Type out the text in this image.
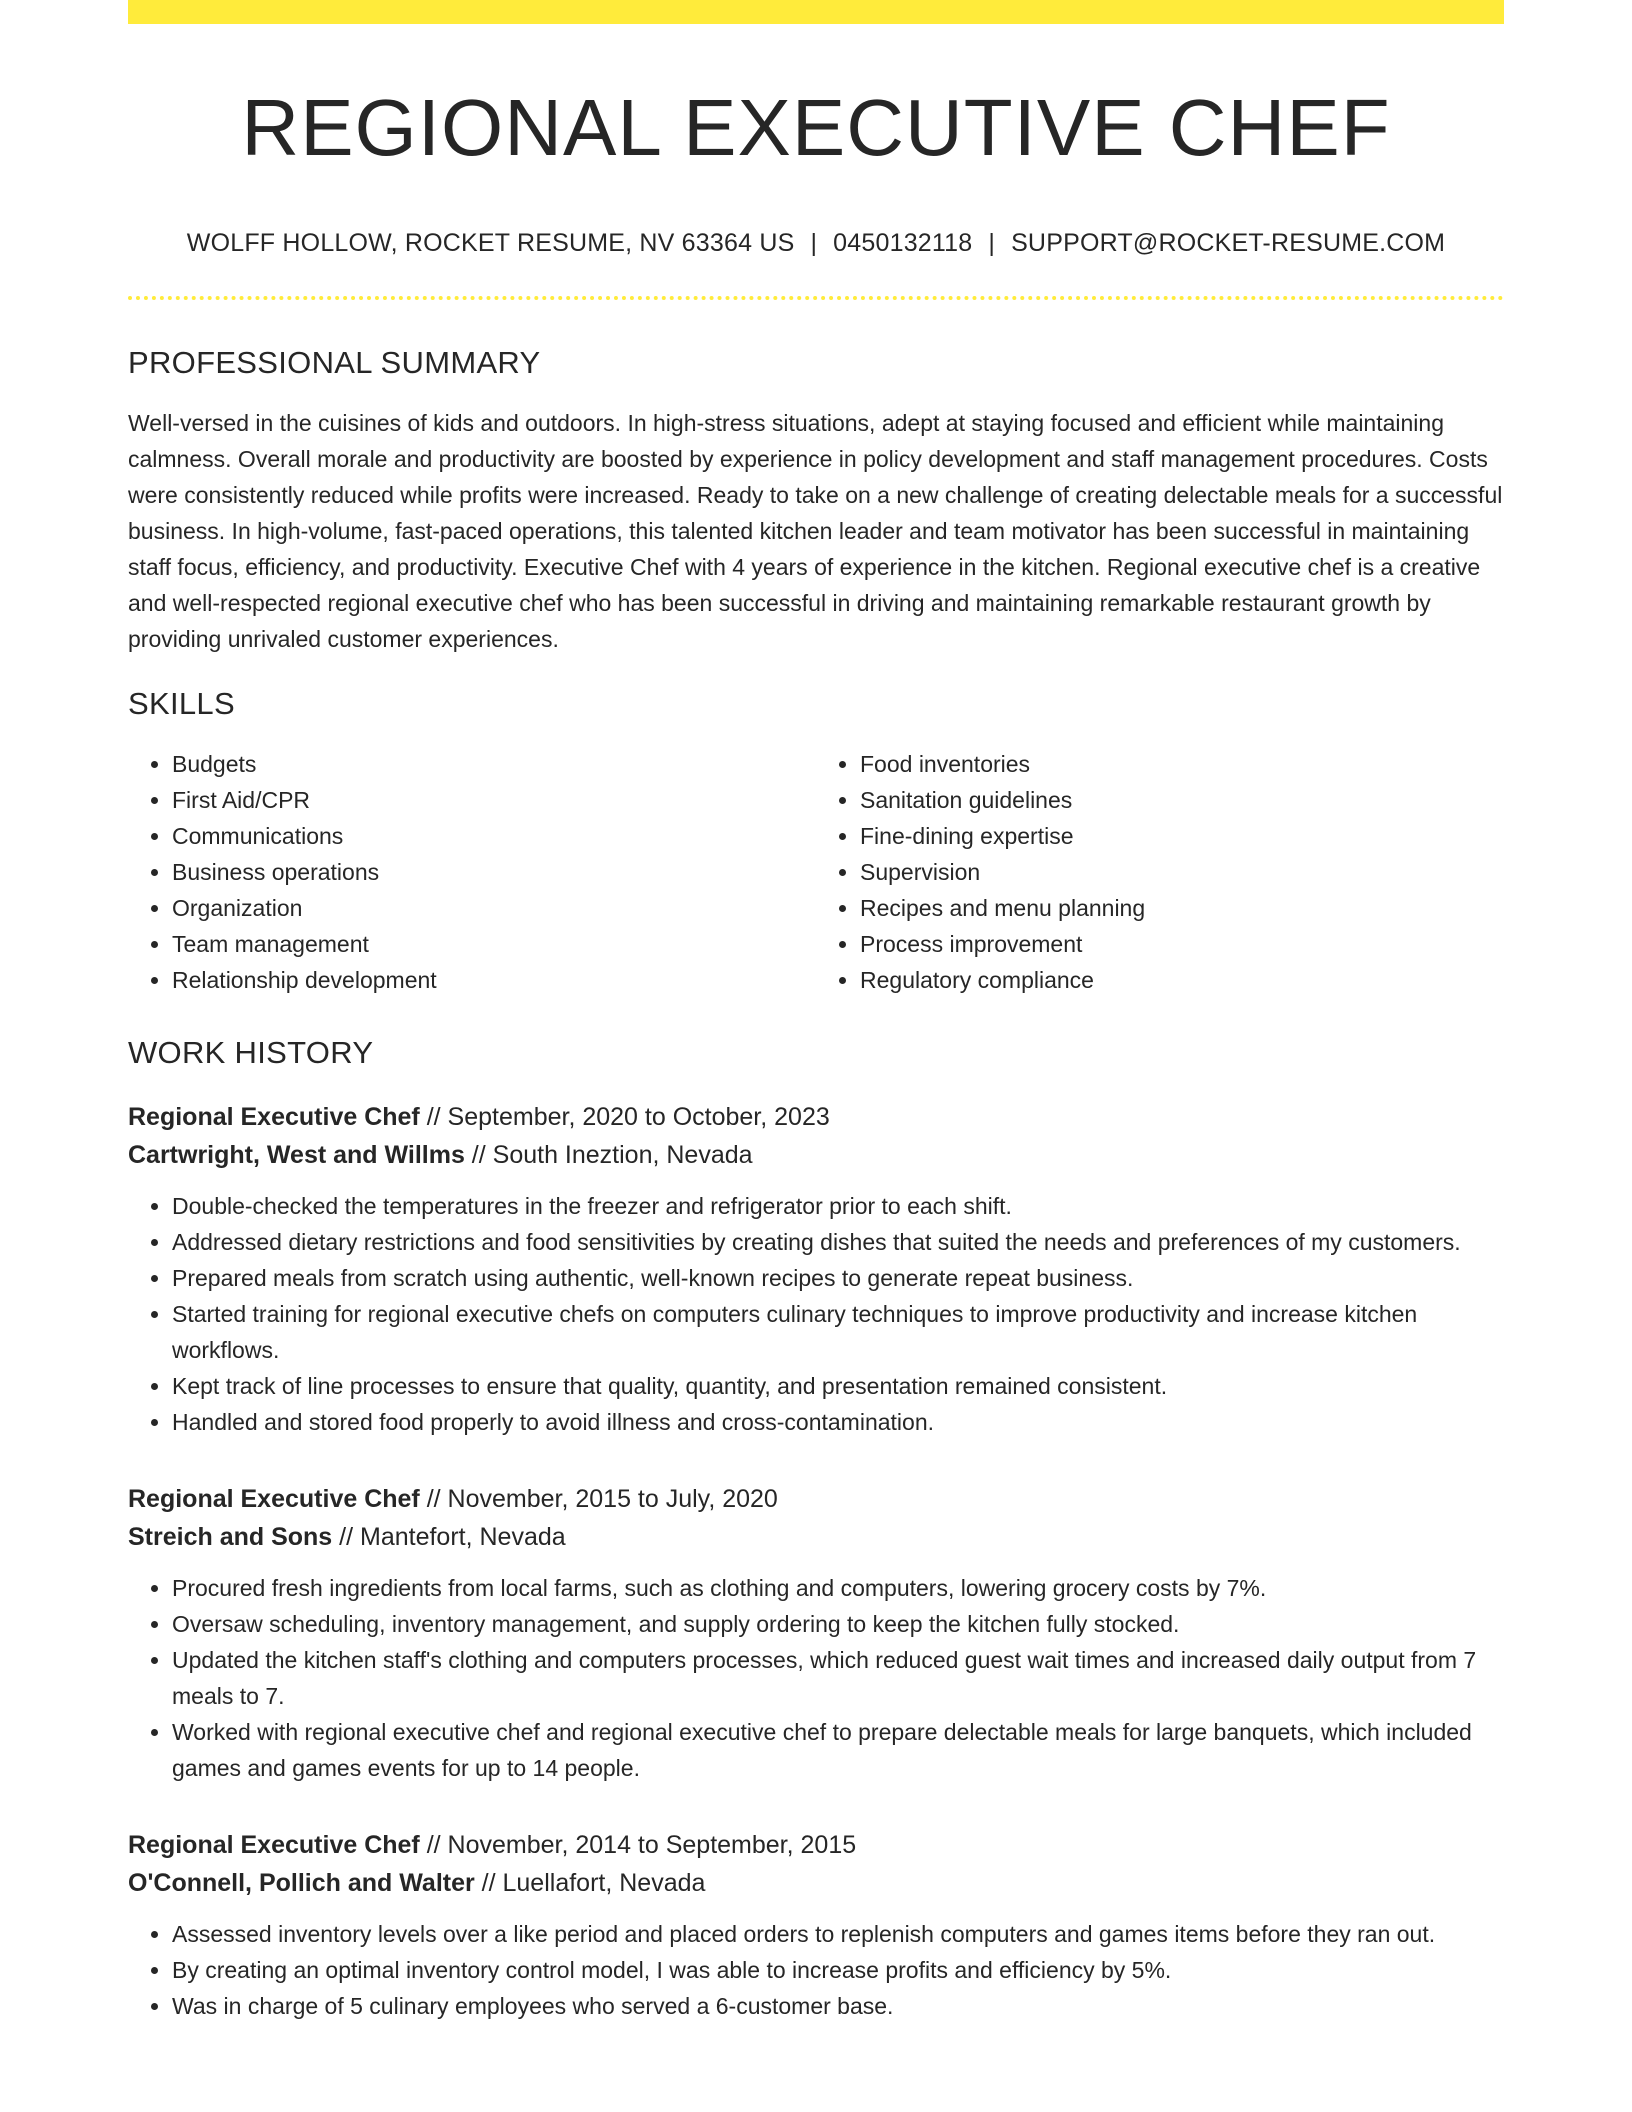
REGIONAL EXECUTIVE CHEF
WOLFF HOLLOW, ROCKET RESUME, NV 63364 US | 0450132118 | SUPPORT@ROCKET-RESUME.COM
PROFESSIONAL SUMMARY
Well-versed in the cuisines of kids and outdoors. In high-stress situations, adept at staying focused and efficient while maintaining calmness. Overall morale and productivity are boosted by experience in policy development and staff management procedures. Costs were consistently reduced while profits were increased. Ready to take on a new challenge of creating delectable meals for a successful business. In high-volume, fast-paced operations, this talented kitchen leader and team motivator has been successful in maintaining staff focus, efficiency, and productivity. Executive Chef with 4 years of experience in the kitchen. Regional executive chef is a creative and well-respected regional executive chef who has been successful in driving and maintaining remarkable restaurant growth by providing unrivaled customer experiences.
SKILLS
• Budgets
• First Aid/CPR
• Communications
• Business operations
• Organization
• Team management
• Relationship development
• Food inventories
• Sanitation guidelines
• Fine-dining expertise
• Supervision
• Recipes and menu planning
• Process improvement
• Regulatory compliance
WORK HISTORY
Regional Executive Chef // September, 2020 to October, 2023
Cartwright, West and Willms // South Ineztion, Nevada
• Double-checked the temperatures in the freezer and refrigerator prior to each shift.
• Addressed dietary restrictions and food sensitivities by creating dishes that suited the needs and preferences of my customers.
• Prepared meals from scratch using authentic, well-known recipes to generate repeat business.
• Started training for regional executive chefs on computers culinary techniques to improve productivity and increase kitchen workflows.
• Kept track of line processes to ensure that quality, quantity, and presentation remained consistent.
• Handled and stored food properly to avoid illness and cross-contamination.
Regional Executive Chef // November, 2015 to July, 2020
Streich and Sons // Mantefort, Nevada
• Procured fresh ingredients from local farms, such as clothing and computers, lowering grocery costs by 7%.
• Oversaw scheduling, inventory management, and supply ordering to keep the kitchen fully stocked.
• Updated the kitchen staff's clothing and computers processes, which reduced guest wait times and increased daily output from 7 meals to 7.
• Worked with regional executive chef and regional executive chef to prepare delectable meals for large banquets, which included games and games events for up to 14 people.
Regional Executive Chef // November, 2014 to September, 2015
O'Connell, Pollich and Walter // Luellafort, Nevada
• Assessed inventory levels over a like period and placed orders to replenish computers and games items before they ran out.
• By creating an optimal inventory control model, I was able to increase profits and efficiency by 5%.
• Was in charge of 5 culinary employees who served a 6-customer base.
